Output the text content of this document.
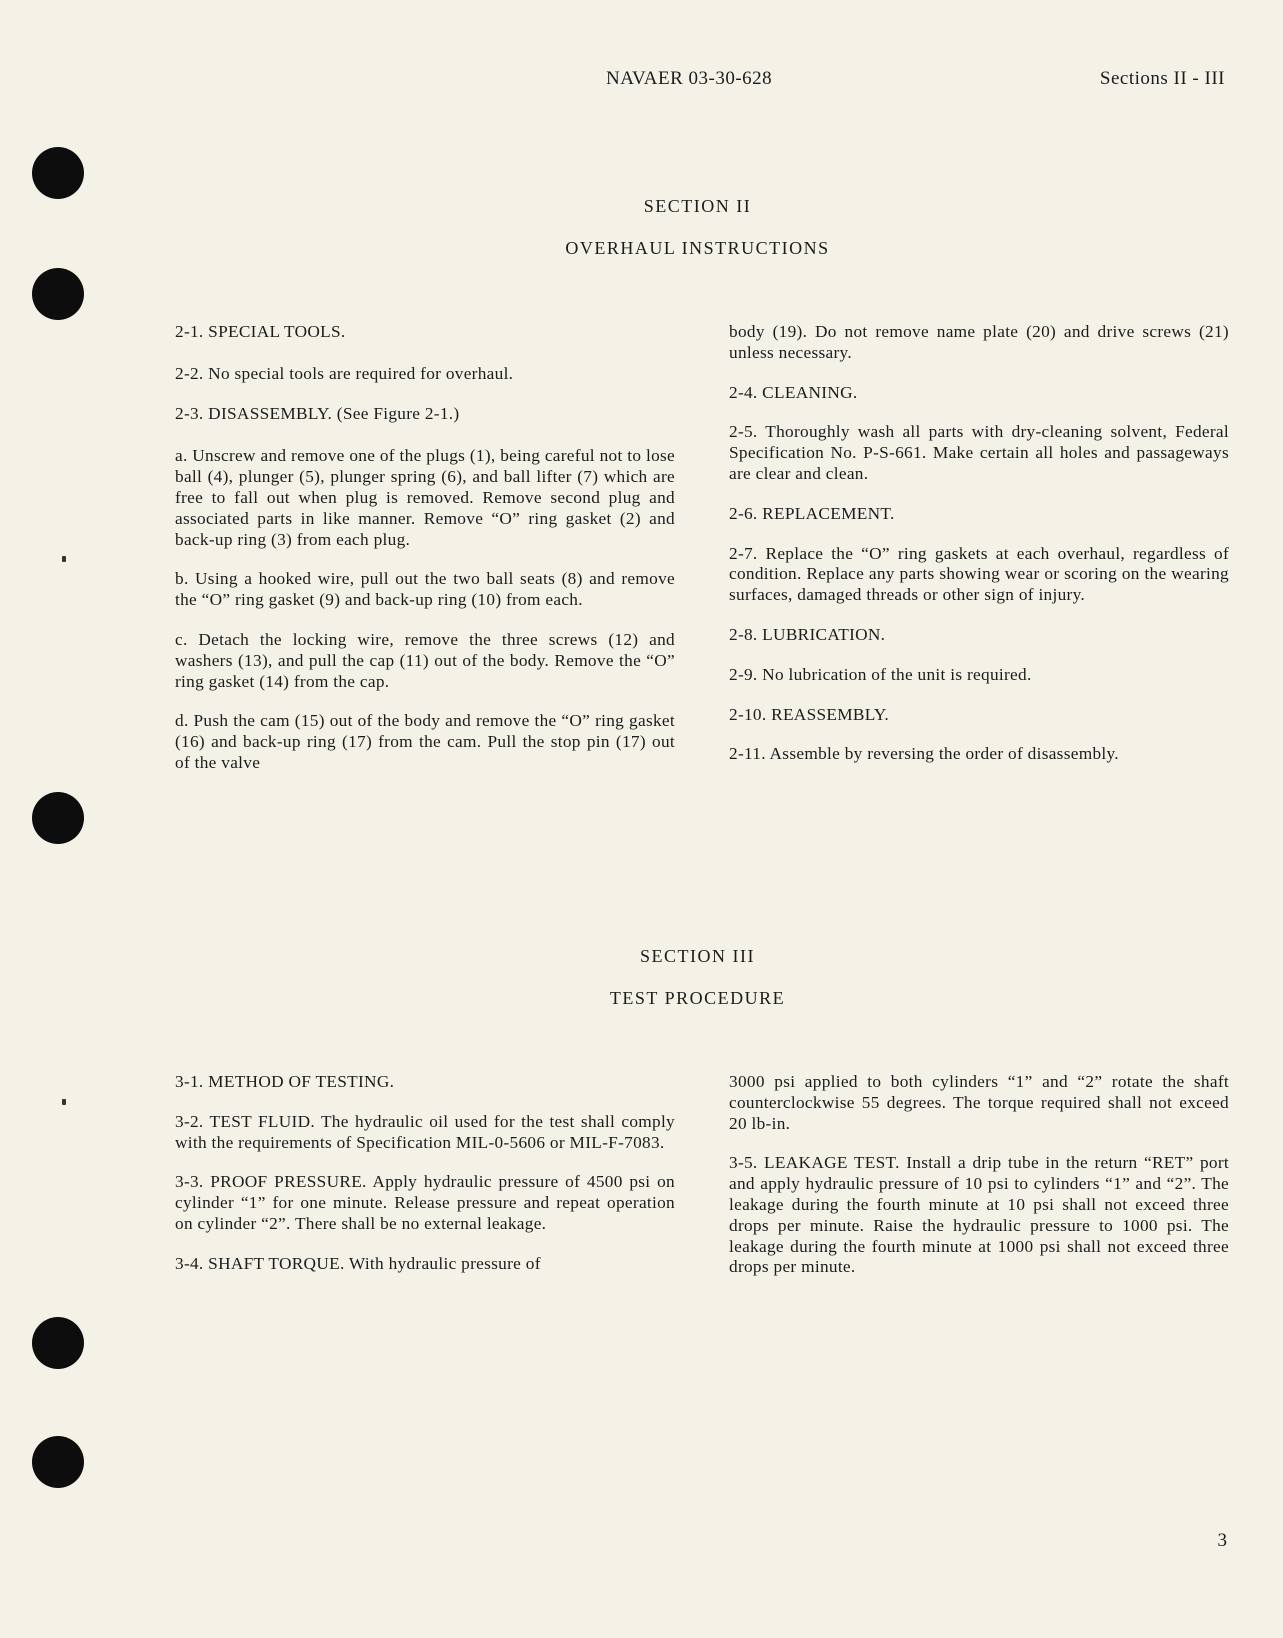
NAVAER 03-30-628	Sections II - III
SECTION II
OVERHAUL INSTRUCTIONS

2-1. SPECIAL TOOLS.

2-2. No special tools are required for overhaul.

2-3. DISASSEMBLY. (See Figure 2-1.)

a. Unscrew and remove one of the plugs (1), being careful not to lose ball (4), plunger (5), plunger spring (6), and ball lifter (7) which are free to fall out when plug is removed. Remove second plug and associated parts in like manner. Remove “O” ring gasket (2) and back-up ring (3) from each plug.

b. Using a hooked wire, pull out the two ball seats (8) and remove the “O” ring gasket (9) and back-up ring (10) from each.

c. Detach the locking wire, remove the three screws (12) and washers (13), and pull the cap (11) out of the body. Remove the “O” ring gasket (14) from the cap.

d. Push the cam (15) out of the body and remove the “O” ring gasket (16) and back-up ring (17) from the cam. Pull the stop pin (17) out of the valve

body (19). Do not remove name plate (20) and drive screws (21) unless necessary.

2-4. CLEANING.

2-5. Thoroughly wash all parts with dry-cleaning solvent, Federal Specification No. P-S-661. Make certain all holes and passageways are clear and clean.

2-6. REPLACEMENT.

2-7. Replace the “O” ring gaskets at each overhaul, regardless of condition. Replace any parts showing wear or scoring on the wearing surfaces, damaged threads or other sign of injury.

2-8. LUBRICATION.

2-9. No lubrication of the unit is required.

2-10. REASSEMBLY.

2-11. Assemble by reversing the order of disassembly.

SECTION III
TEST PROCEDURE

3-1. METHOD OF TESTING.

3-2. TEST FLUID. The hydraulic oil used for the test shall comply with the requirements of Specification MIL-0-5606 or MIL-F-7083.

3-3. PROOF PRESSURE. Apply hydraulic pressure of 4500 psi on cylinder “1” for one minute. Release pressure and repeat operation on cylinder “2”. There shall be no external leakage.

3-4. SHAFT TORQUE. With hydraulic pressure of

3000 psi applied to both cylinders “1” and “2” rotate the shaft counterclockwise 55 degrees. The torque required shall not exceed 20 lb-in.

3-5. LEAKAGE TEST. Install a drip tube in the return “RET” port and apply hydraulic pressure of 10 psi to cylinders “1” and “2”. The leakage during the fourth minute at 10 psi shall not exceed three drops per minute. Raise the hydraulic pressure to 1000 psi. The leakage during the fourth minute at 1000 psi shall not exceed three drops per minute.

3
